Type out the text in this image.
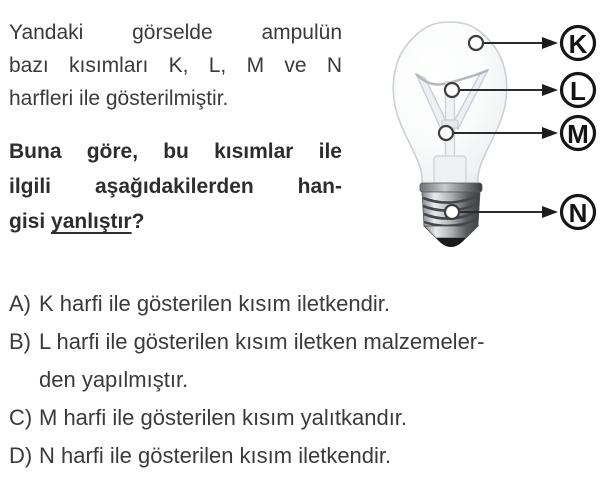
Yandaki görselde ampulün
bazı kısımları K, L, M ve N
harfleri ile gösterilmiştir.
Buna göre, bu kısımlar ile
ilgili aşağıdakilerden han-
gisi yanlıştır?
K
L
M
N
A) K harfi ile gösterilen kısım iletkendir.
B) L harfi ile gösterilen kısım iletken malzemeler-
den yapılmıştır.
C) M harfi ile gösterilen kısım yalıtkandır.
D) N harfi ile gösterilen kısım iletkendir.
